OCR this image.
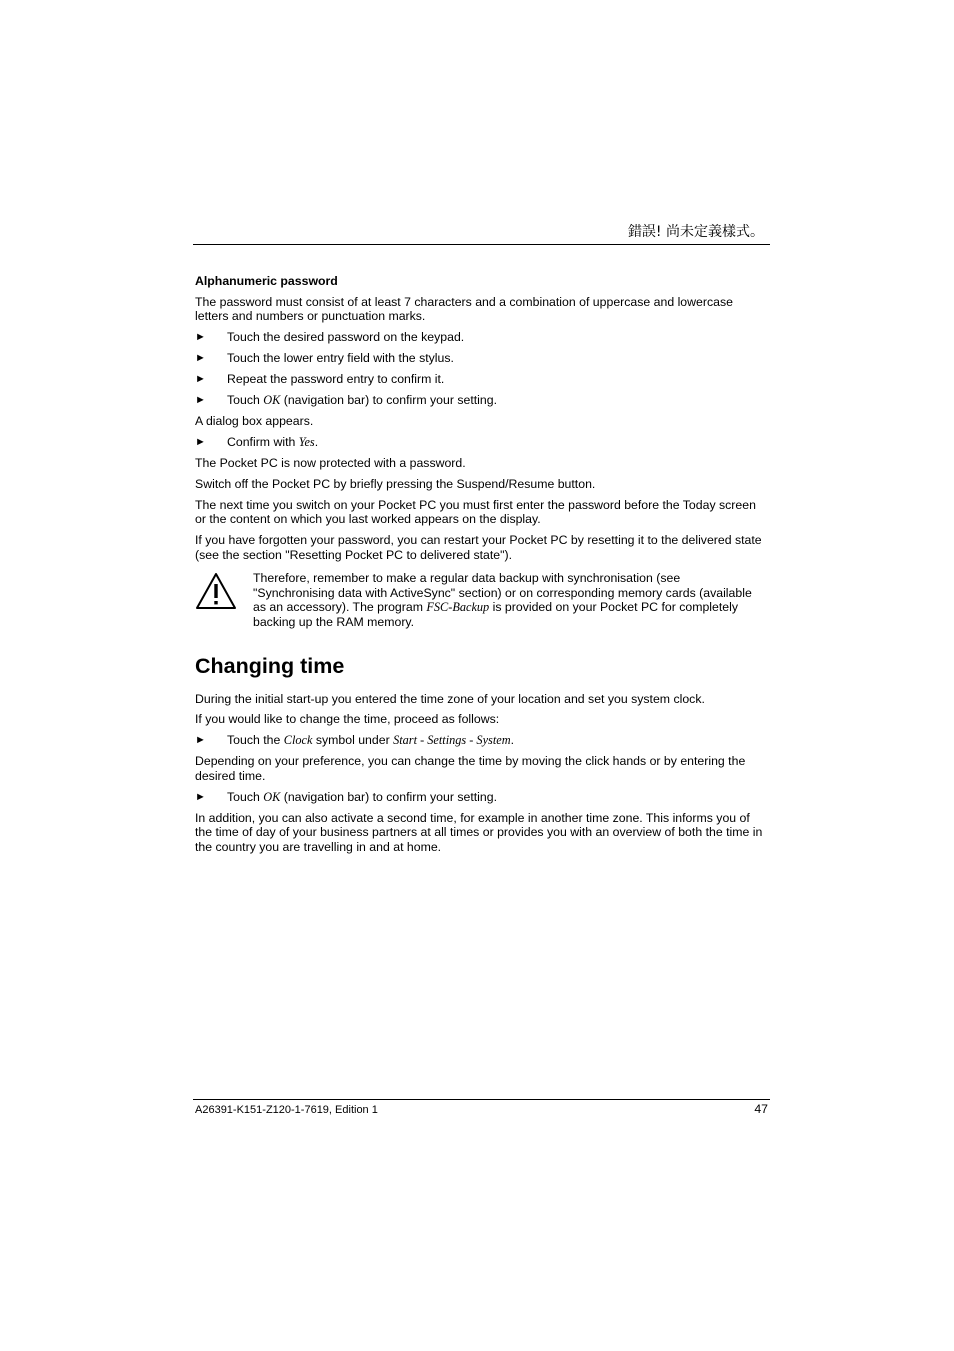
錯誤! 尚未定義樣式。
Alphanumeric password

The password must consist of at least 7 characters and a combination of uppercase and lowercase letters and numbers or punctuation marks.

► Touch the desired password on the keypad.
► Touch the lower entry field with the stylus.
► Repeat the password entry to confirm it.
► Touch OK (navigation bar) to confirm your setting.

A dialog box appears.

► Confirm with Yes.

The Pocket PC is now protected with a password.

Switch off the Pocket PC by briefly pressing the Suspend/Resume button.

The next time you switch on your Pocket PC you must first enter the password before the Today screen or the content on which you last worked appears on the display.

If you have forgotten your password, you can restart your Pocket PC by resetting it to the delivered state (see the section "Resetting Pocket PC to delivered state").

Therefore, remember to make a regular data backup with synchronisation (see "Synchronising data with ActiveSync" section) or on corresponding memory cards (available as an accessory). The program FSC-Backup is provided on your Pocket PC for completely backing up the RAM memory.
Changing time

During the initial start-up you entered the time zone of your location and set you system clock.

If you would like to change the time, proceed as follows:

► Touch the Clock symbol under Start - Settings - System.

Depending on your preference, you can change the time by moving the click hands or by entering the desired time.

► Touch OK (navigation bar) to confirm your setting.

In addition, you can also activate a second time, for example in another time zone. This informs you of the time of day of your business partners at all times or provides you with an overview of both the time in the country you are travelling in and at home.

A26391-K151-Z120-1-7619, Edition 1	47
